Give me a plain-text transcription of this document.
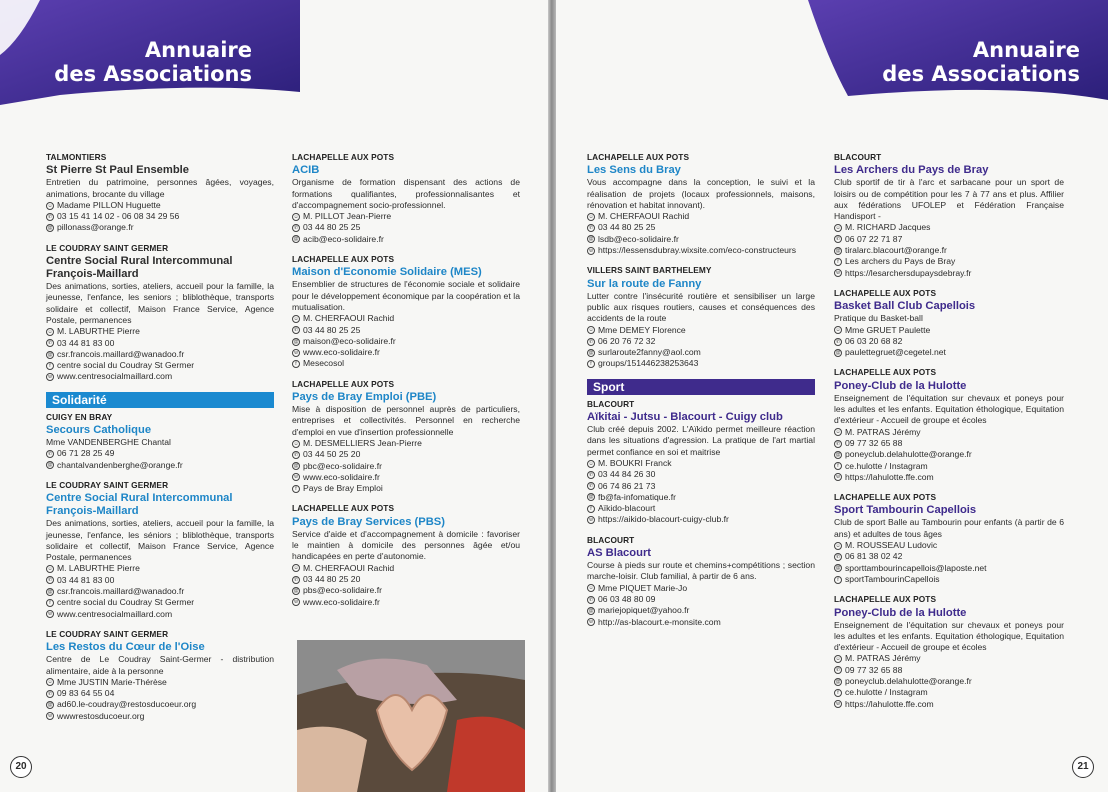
Annuaire
des Associations
TALMONTIERS
St Pierre St Paul Ensemble
Entretien du patrimoine, personnes âgées, voyages, animations, brocante du village
☺ Madame PILLON Huguette
✆ 03 15 41 14 02 - 06 08 34 29 56
@ pillonass@orange.fr
LE COUDRAY SAINT GERMER
Centre Social Rural Intercommunal François-Maillard
Des animations, sorties, ateliers, accueil pour la famille, la jeunesse, l'enfance, les seniors ; bliblothèque, transports solidaire et collectif, Maison France Service, Agence Postale, permanences
☺ M. LABURTHE Pierre
✆ 03 44 81 83 00
@ csr.francois.maillard@wanadoo.fr
f centre social du Coudray St Germer
w www.centresocialmaillard.com
Solidarité
CUIGY EN BRAY
Secours Catholique
Mme VANDENBERGHE Chantal
✆ 06 71 28 25 49
@ chantalvandenberghe@orange.fr
LE COUDRAY SAINT GERMER
Centre Social Rural Intercommunal François-Maillard
Des animations, sorties, ateliers, accueil pour la famille, la jeunesse, l'enfance, les séniors ; bliblothèque, transports solidaire et collectif, Maison France Service, Agence Postale, permanences
☺ M. LABURTHE Pierre
✆ 03 44 81 83 00
@ csr.francois.maillard@wanadoo.fr
f centre social du Coudray St Germer
w www.centresocialmaillard.com
LE COUDRAY SAINT GERMER
Les Restos du Cœur de l'Oise
Centre de Le Coudray Saint-Germer - distribution alimentaire, aide à la personne
☺ Mme JUSTIN Marie-Thérèse
✆ 09 83 64 55 04
@ ad60.le-coudray@restosducoeur.org
w wwwrestosducoeur.org
LACHAPELLE AUX POTS
ACIB
Organisme de formation dispensant des actions de formations qualifiantes, professionnalisantes et d'accompagnement socio-professionnel.
☺ M. PILLOT Jean-Pierre
✆ 03 44 80 25 25
@ acib@eco-solidaire.fr
LACHAPELLE AUX POTS
Maison d'Economie Solidaire (MES)
Ensemblier de structures de l'économie sociale et solidaire pour le développement économique par la coopération et la mutualisation.
☺ M. CHERFAOUI Rachid
✆ 03 44 80 25 25
@ maison@eco-solidaire.fr
w www.eco-solidaire.fr
f Mesecosol
LACHAPELLE AUX POTS
Pays de Bray Emploi (PBE)
Mise à disposition de personnel auprès de particuliers, entreprises et collectivités. Personnel en recherche d'emploi en vue d'insertion professionnelle
☺ M. DESMELLIERS Jean-Pierre
✆ 03 44 50 25 20
@ pbc@eco-solidaire.fr
w www.eco-solidaire.fr
f Pays de Bray Emploi
LACHAPELLE AUX POTS
Pays de Bray Services (PBS)
Service d'aide et d'accompagnement à domicile : favoriser le maintien à domicile des personnes âgée et/ou handicapées en perte d'autonomie.
☺ M. CHERFAOUI Rachid
✆ 03 44 80 25 20
@ pbs@eco-solidaire.fr
w www.eco-solidaire.fr
20
Annuaire
des Associations
LACHAPELLE AUX POTS
Les Sens du Bray
Vous accompagne dans la conception, le suivi et la réalisation de projets (locaux professionnels, maisons, rénovation et habitat innovant).
☺ M. CHERFAOUI Rachid
✆ 03 44 80 25 25
@ lsdb@eco-solidaire.fr
w https://lessensdubray.wixsite.com/eco-constructeurs
VILLERS SAINT BARTHELEMY
Sur la route de Fanny
Lutter contre l'insécurité routière et sensibiliser un large public aux risques routiers, causes et conséquences des accidents de la route
☺ Mme DEMEY Florence
✆ 06 20 76 72 32
@ surlaroute2fanny@aol.com
f groups/151446238253643
Sport
BLACOURT
Aïkitai - Jutsu - Blacourt - Cuigy club
Club créé depuis 2002. L'Aïkido permet meilleure réaction dans les situations d'agression. La pratique de l'art martial permet confiance en soi et maitrise
☺ M. BOUKRI Franck
✆ 03 44 84 26 30
✆ 06 74 86 21 73
@ fb@fa-infomatique.fr
f Aïkido-blacourt
w https://aikido-blacourt-cuigy-club.fr
BLACOURT
AS Blacourt
Course à pieds sur route et chemins+compétitions ; section marche-loisir. Club familial, à partir de 6 ans.
☺ Mme PIQUET Marie-Jo
✆ 06 03 48 80 09
@ mariejopiquet@yahoo.fr
w http://as-blacourt.e-monsite.com
BLACOURT
Les Archers du Pays de Bray
Club sportif de tir à l'arc et sarbacane pour un sport de loisirs ou de compétition pour les 7 à 77 ans et plus. Affilier aux fédérations UFOLEP et Fédération Française Handisport -
☺ M. RICHARD Jacques
✆ 06 07 22 71 87
@ tiralarc.blacourt@orange.fr
f Les archers du Pays de Bray
w https://lesarchersdupaysdebray.fr
LACHAPELLE AUX POTS
Basket Ball Club Capellois
Pratique du Basket-ball
☺ Mme GRUET Paulette
✆ 06 03 20 68 82
@ paulettegruet@cegetel.net
LACHAPELLE AUX POTS
Poney-Club de la Hulotte
Enseignement de l'équitation sur chevaux et poneys pour les adultes et les enfants. Equitation éthologique, Equitation d'extérieur - Accueil de groupe et écoles
☺ M. PATRAS Jérémy
✆ 09 77 32 65 88
@ poneyclub.delahulotte@orange.fr
f ce.hulotte / Instagram
w https://lahulotte.ffe.com
LACHAPELLE AUX POTS
Sport Tambourin Capellois
Club de sport Balle au Tambourin pour enfants (à partir de 6 ans) et adultes de tous âges
☺ M. ROUSSEAU Ludovic
✆ 06 81 38 02 42
@ sporttambourincapellois@laposte.net
f sportTambourinCapellois
LACHAPELLE AUX POTS
Poney-Club de la Hulotte
Enseignement de l'équitation sur chevaux et poneys pour les adultes et les enfants. Equitation éthologique, Equitation d'extérieur - Accueil de groupe et écoles
☺ M. PATRAS Jérémy
✆ 09 77 32 65 88
@ poneyclub.delahulotte@orange.fr
f ce.hulotte / Instagram
w https://lahulotte.ffe.com
21
